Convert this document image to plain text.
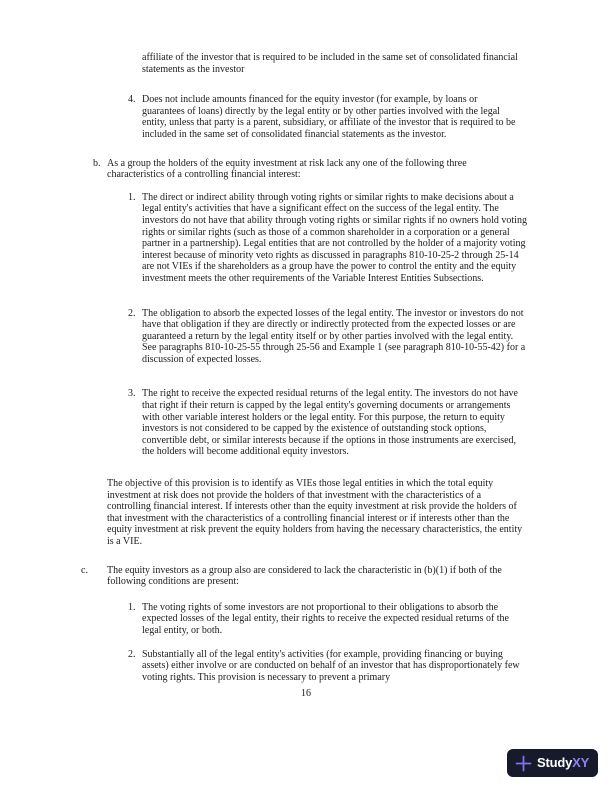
affiliate of the investor that is required to be included in the same set of consolidated financial statements as the investor
4. Does not include amounts financed for the equity investor (for example, by loans or guarantees of loans) directly by the legal entity or by other parties involved with the legal entity, unless that party is a parent, subsidiary, or affiliate of the investor that is required to be included in the same set of consolidated financial statements as the investor.
b. As a group the holders of the equity investment at risk lack any one of the following three characteristics of a controlling financial interest:
1. The direct or indirect ability through voting rights or similar rights to make decisions about a legal entity's activities that have a significant effect on the success of the legal entity. The investors do not have that ability through voting rights or similar rights if no owners hold voting rights or similar rights (such as those of a common shareholder in a corporation or a general partner in a partnership). Legal entities that are not controlled by the holder of a majority voting interest because of minority veto rights as discussed in paragraphs 810-10-25-2 through 25-14 are not VIEs if the shareholders as a group have the power to control the entity and the equity investment meets the other requirements of the Variable Interest Entities Subsections.
2. The obligation to absorb the expected losses of the legal entity. The investor or investors do not have that obligation if they are directly or indirectly protected from the expected losses or are guaranteed a return by the legal entity itself or by other parties involved with the legal entity. See paragraphs 810-10-25-55 through 25-56 and Example 1 (see paragraph 810-10-55-42) for a discussion of expected losses.
3. The right to receive the expected residual returns of the legal entity. The investors do not have that right if their return is capped by the legal entity's governing documents or arrangements with other variable interest holders or the legal entity. For this purpose, the return to equity investors is not considered to be capped by the existence of outstanding stock options, convertible debt, or similar interests because if the options in those instruments are exercised, the holders will become additional equity investors.
The objective of this provision is to identify as VIEs those legal entities in which the total equity investment at risk does not provide the holders of that investment with the characteristics of a controlling financial interest. If interests other than the equity investment at risk provide the holders of that investment with the characteristics of a controlling financial interest or if interests other than the equity investment at risk prevent the equity holders from having the necessary characteristics, the entity is a VIE.
c.	The equity investors as a group also are considered to lack the characteristic in (b)(1) if both of the following conditions are present:
1. The voting rights of some investors are not proportional to their obligations to absorb the expected losses of the legal entity, their rights to receive the expected residual returns of the legal entity, or both.
2. Substantially all of the legal entity's activities (for example, providing financing or buying assets) either involve or are conducted on behalf of an investor that has disproportionately few voting rights. This provision is necessary to prevent a primary
16
StudyXY
